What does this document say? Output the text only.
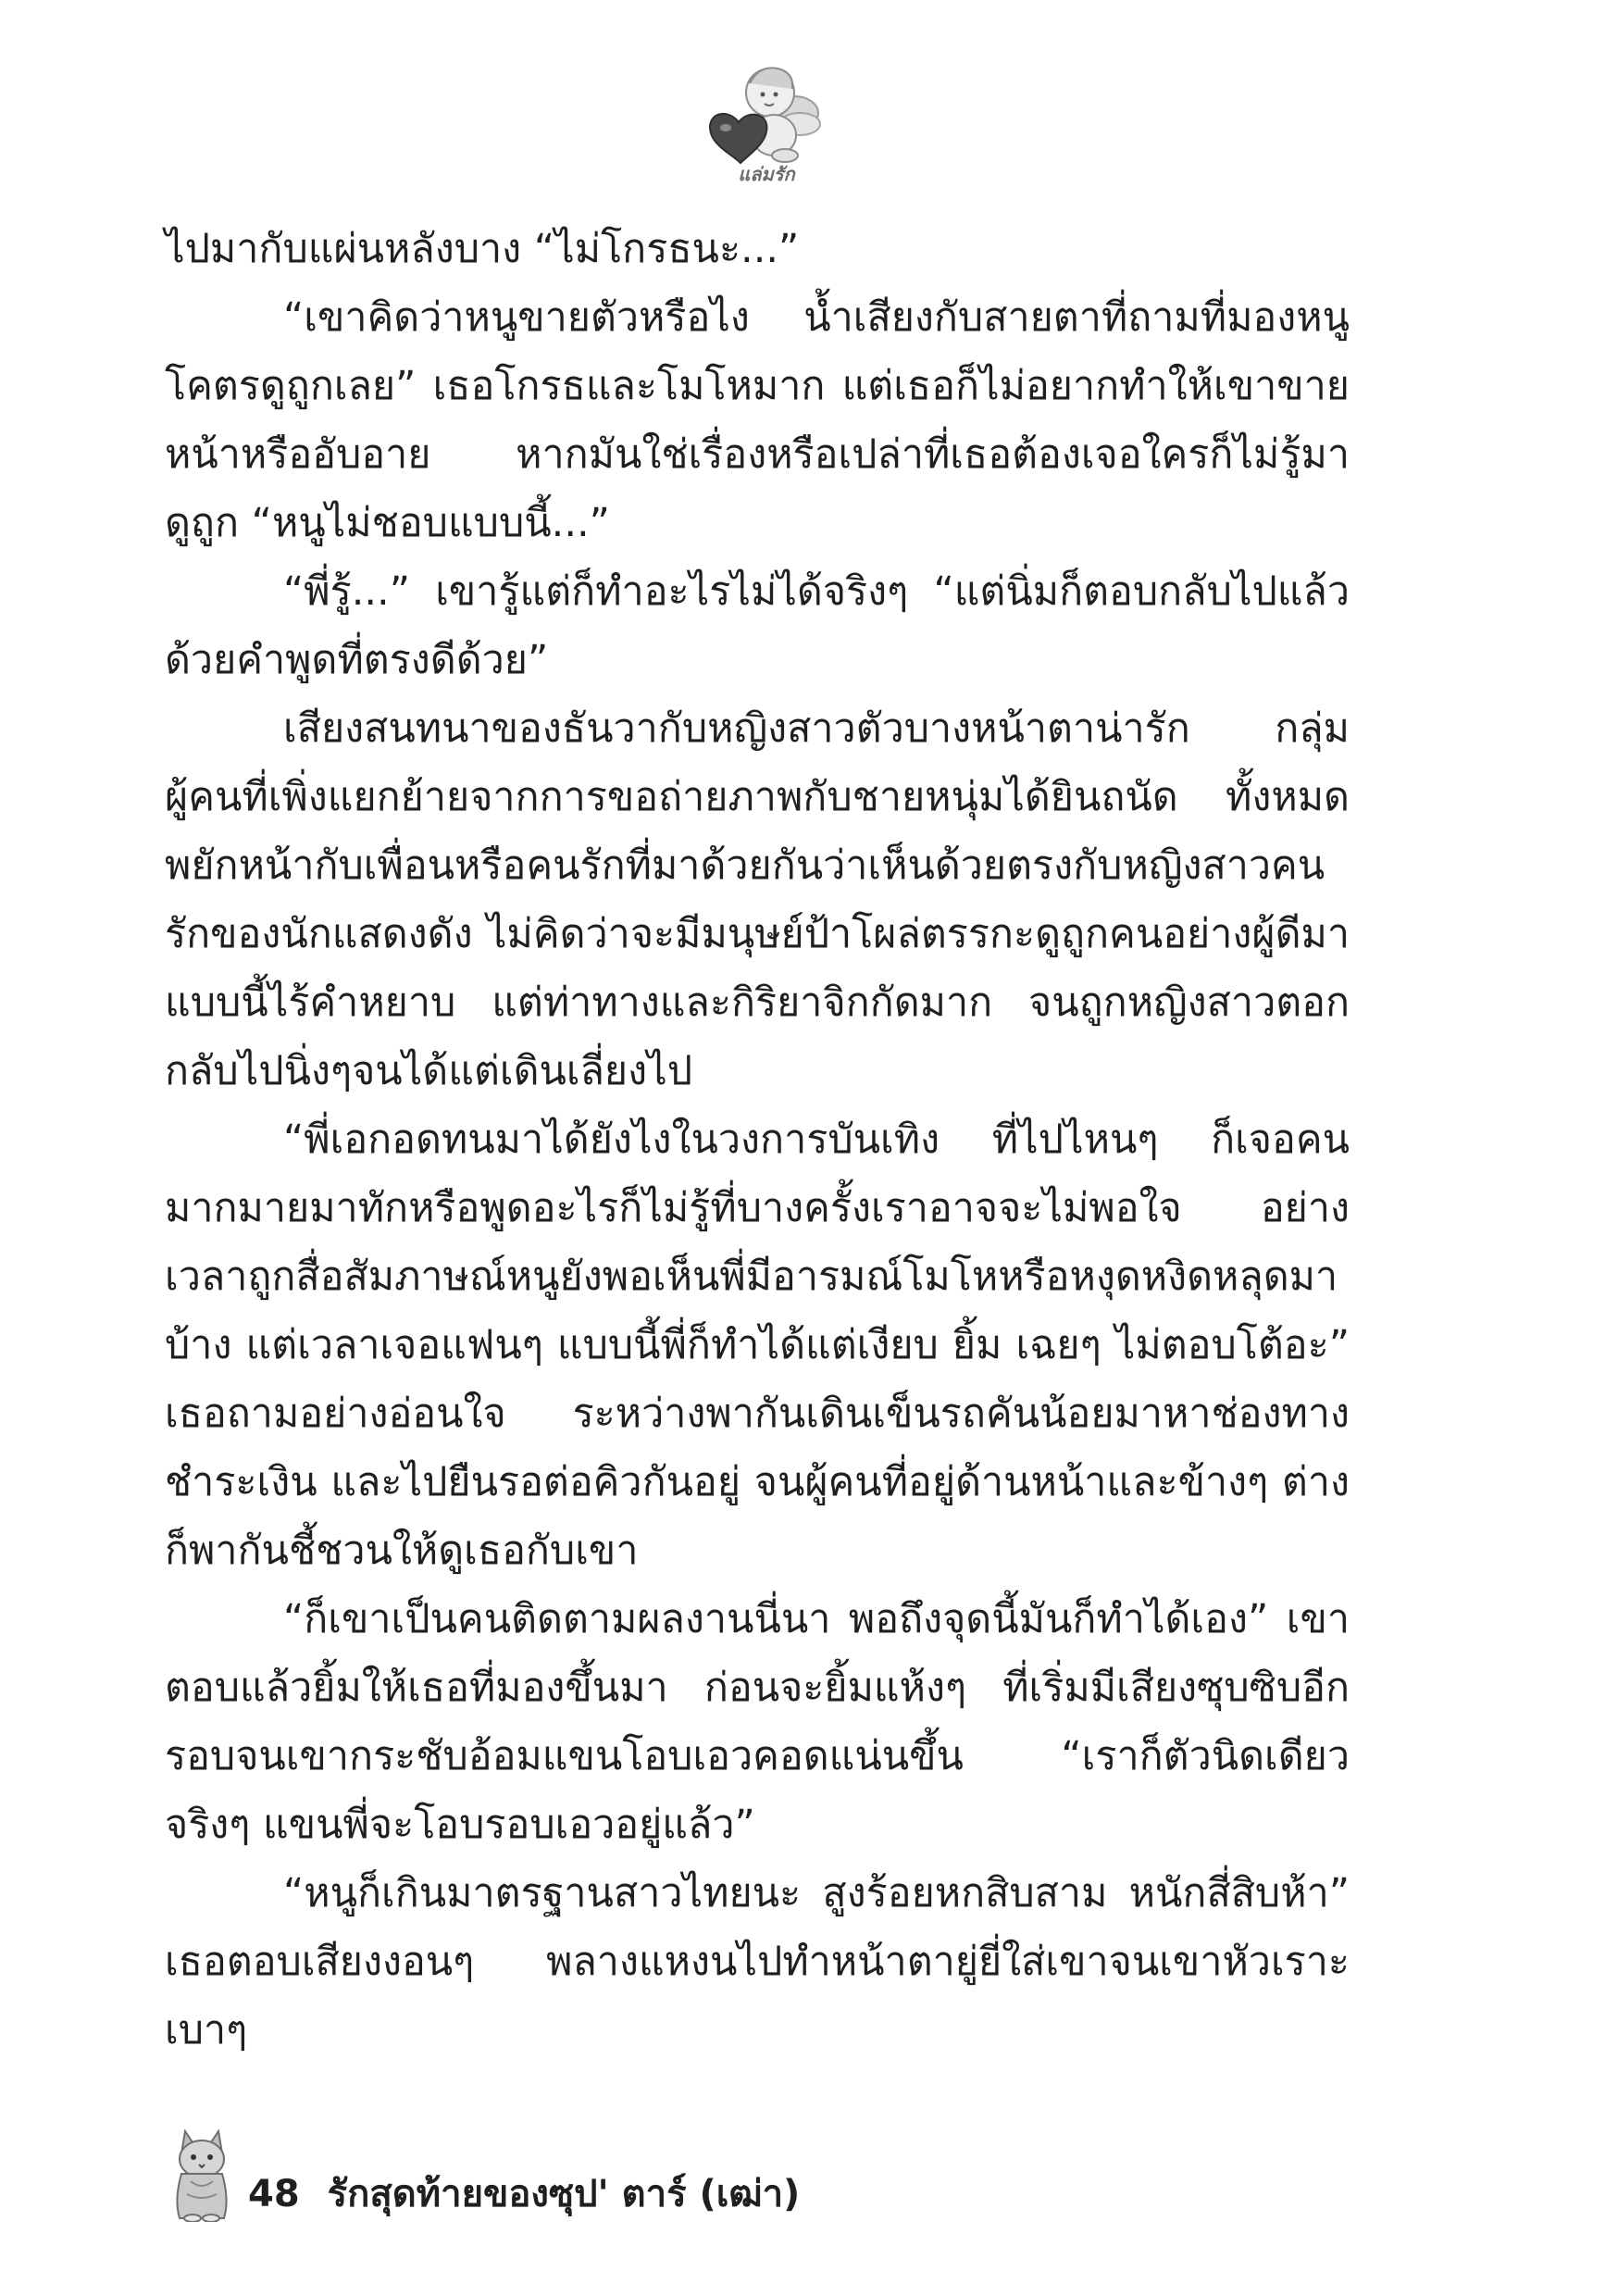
แล่มรัก

ไปมากับแผ่นหลังบาง “ไม่โกรธนะ...”

“เขาคิดว่าหนูขายตัวหรือไง น้ำเสียงกับสายตาที่ถามที่มองหนูโคตรดูถูกเลย” เธอโกรธและโมโหมาก แต่เธอก็ไม่อยากทำให้เขาขายหน้าหรืออับอาย หากมันใช่เรื่องหรือเปล่าที่เธอต้องเจอใครก็ไม่รู้มาดูถูก “หนูไม่ชอบแบบนี้...”

“พี่รู้...” เขารู้แต่ก็ทำอะไรไม่ได้จริงๆ “แต่นิ่มก็ตอบกลับไปแล้ว ด้วยคำพูดที่ตรงดีด้วย”

เสียงสนทนาของธันวากับหญิงสาวตัวบางหน้าตาน่ารัก กลุ่มผู้คนที่เพิ่งแยกย้ายจากการขอถ่ายภาพกับชายหนุ่มได้ยินถนัด ทั้งหมดพยักหน้ากับเพื่อนหรือคนรักที่มาด้วยกันว่าเห็นด้วยตรงกับหญิงสาวคนรักของนักแสดงดัง ไม่คิดว่าจะมีมนุษย์ป้าโผล่ตรรกะดูถูกคนอย่างผู้ดีมาแบบนี้ไร้คำหยาบ แต่ท่าทางและกิริยาจิกกัดมาก จนถูกหญิงสาวตอกกลับไปนิ่งๆจนได้แต่เดินเลี่ยงไป

“พี่เอกอดทนมาได้ยังไงในวงการบันเทิง ที่ไปไหนๆ ก็เจอคนมากมายมาทักหรือพูดอะไรก็ไม่รู้ที่บางครั้งเราอาจจะไม่พอใจ อย่างเวลาถูกสื่อสัมภาษณ์หนูยังพอเห็นพี่มีอารมณ์โมโหหรือหงุดหงิดหลุดมาบ้าง แต่เวลาเจอแฟนๆ แบบนี้พี่ก็ทำได้แต่เงียบ ยิ้ม เฉยๆ ไม่ตอบโต้อะ” เธอถามอย่างอ่อนใจ ระหว่างพากันเดินเข็นรถคันน้อยมาหาช่องทางชำระเงิน และไปยืนรอต่อคิวกันอยู่ จนผู้คนที่อยู่ด้านหน้าและข้างๆ ต่างก็พากันชี้ชวนให้ดูเธอกับเขา

“ก็เขาเป็นคนติดตามผลงานนี่นา พอถึงจุดนี้มันก็ทำได้เอง” เขาตอบแล้วยิ้มให้เธอที่มองขึ้นมา ก่อนจะยิ้มแห้งๆ ที่เริ่มมีเสียงซุบซิบอีกรอบจนเขากระชับอ้อมแขนโอบเอวคอดแน่นขึ้น “เราก็ตัวนิดเดียวจริงๆ แขนพี่จะโอบรอบเอวอยู่แล้ว”

“หนูก็เกินมาตรฐานสาวไทยนะ สูงร้อยหกสิบสาม หนักสี่สิบห้า” เธอตอบเสียงงอนๆ พลางแหงนไปทำหน้าตายู่ยี่ใส่เขาจนเขาหัวเราะเบาๆ

48 รักสุดท้ายของซุป' ตาร์ (เฒ่า)
